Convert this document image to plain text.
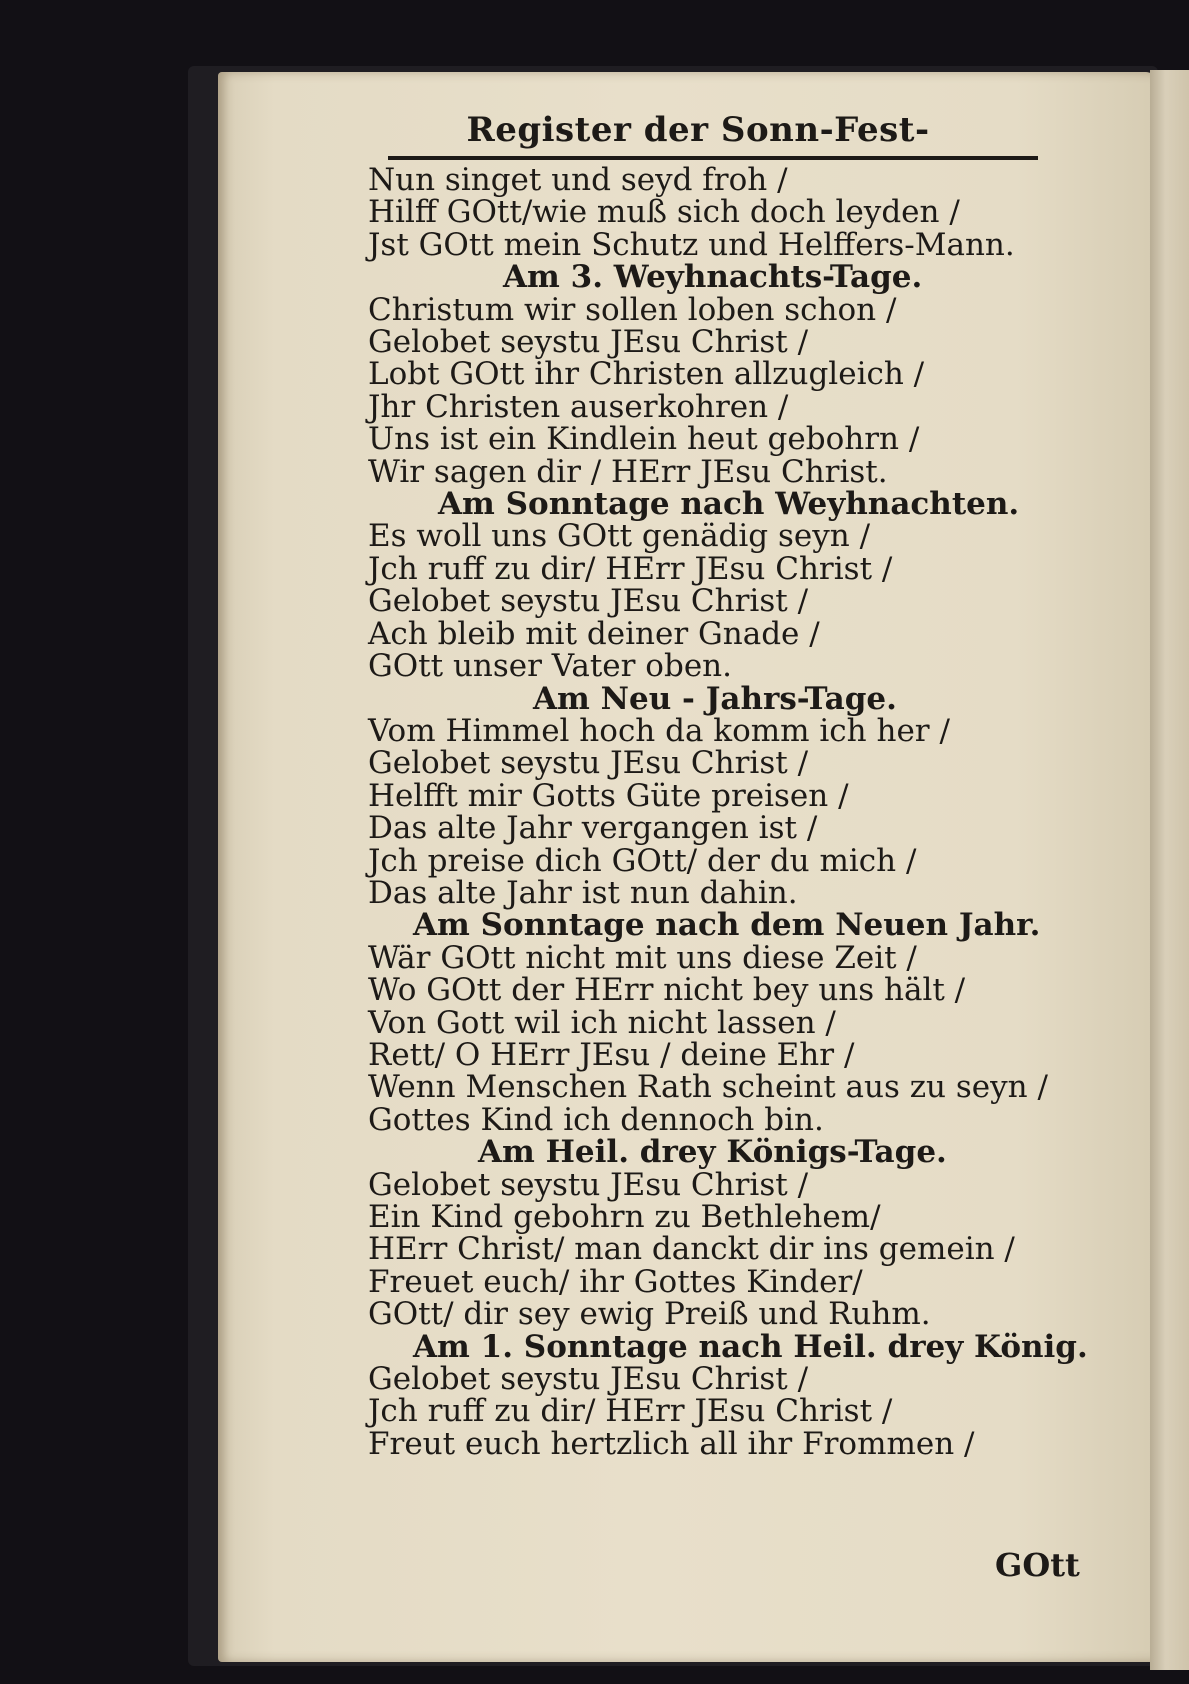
Register der Sonn-Fest-
Nun singet und seyd froh /
Hilff GOtt/wie muß sich doch leyden /
Jst GOtt mein Schutz und Helffers-Mann.
Am 3. Weyhnachts-Tage.
Christum wir sollen loben schon /
Gelobet seystu JEsu Christ /
Lobt GOtt ihr Christen allzugleich /
Jhr Christen auserkohren /
Uns ist ein Kindlein heut gebohrn /
Wir sagen dir / HErr JEsu Christ.
Am Sonntage nach Weyhnachten.
Es woll uns GOtt genädig seyn /
Jch ruff zu dir/ HErr JEsu Christ /
Gelobet seystu JEsu Christ /
Ach bleib mit deiner Gnade /
GOtt unser Vater oben.
Am Neu - Jahrs-Tage.
Vom Himmel hoch da komm ich her /
Gelobet seystu JEsu Christ /
Helfft mir Gotts Güte preisen /
Das alte Jahr vergangen ist /
Jch preise dich GOtt/ der du mich /
Das alte Jahr ist nun dahin.
Am Sonntage nach dem Neuen Jahr.
Wär GOtt nicht mit uns diese Zeit /
Wo GOtt der HErr nicht bey uns hält /
Von Gott wil ich nicht lassen /
Rett/ O HErr JEsu / deine Ehr /
Wenn Menschen Rath scheint aus zu seyn /
Gottes Kind ich dennoch bin.
Am Heil. drey Königs-Tage.
Gelobet seystu JEsu Christ /
Ein Kind gebohrn zu Bethlehem/
HErr Christ/ man danckt dir ins gemein /
Freuet euch/ ihr Gottes Kinder/
GOtt/ dir sey ewig Preiß und Ruhm.
Am 1. Sonntage nach Heil. drey König.
Gelobet seystu JEsu Christ /
Jch ruff zu dir/ HErr JEsu Christ /
Freut euch hertzlich all ihr Frommen /
GOtt
